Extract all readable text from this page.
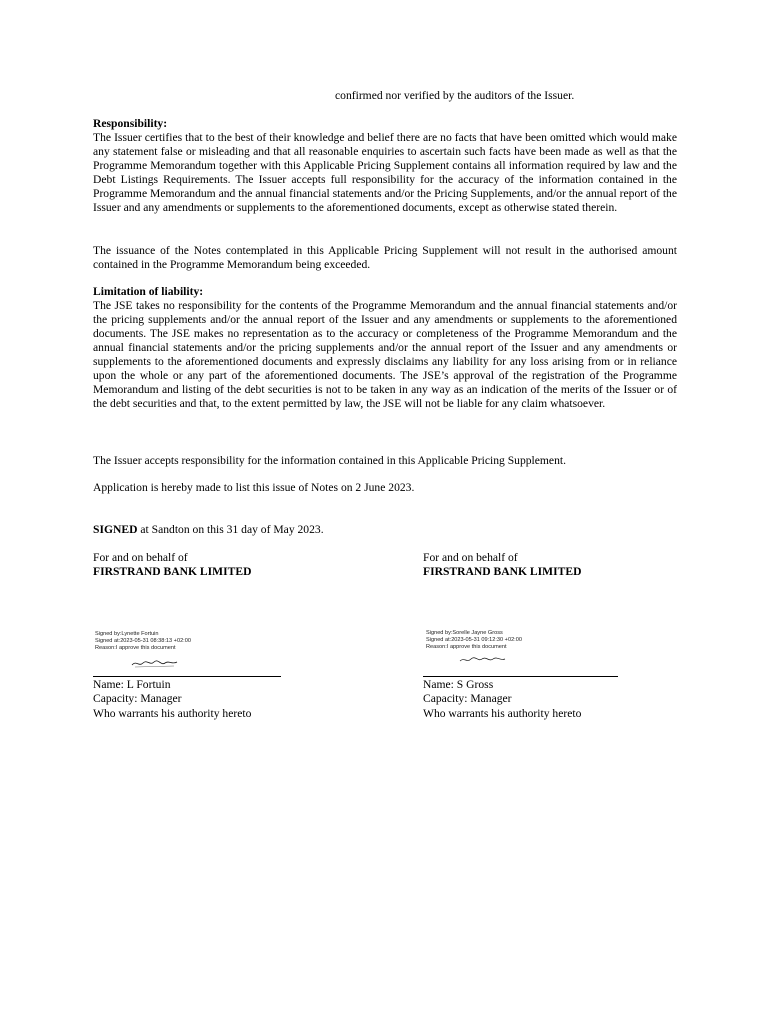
confirmed nor verified by the auditors of the Issuer.

Responsibility:

The Issuer certifies that to the best of their knowledge and belief there are no facts that have been omitted which would make any statement false or misleading and that all reasonable enquiries to ascertain such facts have been made as well as that the Programme Memorandum together with this Applicable Pricing Supplement contains all information required by law and the Debt Listings Requirements. The Issuer accepts full responsibility for the accuracy of the information contained in the Programme Memorandum and the annual financial statements and/or the Pricing Supplements, and/or the annual report of the Issuer and any amendments or supplements to the aforementioned documents, except as otherwise stated therein.

The issuance of the Notes contemplated in this Applicable Pricing Supplement will not result in the authorised amount contained in the Programme Memorandum being exceeded.

Limitation of liability:

The JSE takes no responsibility for the contents of the Programme Memorandum and the annual financial statements and/or the pricing supplements and/or the annual report of the Issuer and any amendments or supplements to the aforementioned documents. The JSE makes no representation as to the accuracy or completeness of the Programme Memorandum and the annual financial statements and/or the pricing supplements and/or the annual report of the Issuer and any amendments or supplements to the aforementioned documents and expressly disclaims any liability for any loss arising from or in reliance upon the whole or any part of the aforementioned documents. The JSE’s approval of the registration of the Programme Memorandum and listing of the debt securities is not to be taken in any way as an indication of the merits of the Issuer or of the debt securities and that, to the extent permitted by law, the JSE will not be liable for any claim whatsoever.

The Issuer accepts responsibility for the information contained in this Applicable Pricing Supplement.
Application is hereby made to list this issue of Notes on 2 June 2023.
SIGNED at Sandton on this 31 day of May 2023.
For and on behalf of
FIRSTRAND BANK LIMITED
Signed by:Lynette Fortuin
Signed at:2023-05-31 08:38:13 +02:00
Reason:I approve this document
Name: L Fortuin
Capacity: Manager
Who warrants his authority hereto
For and on behalf of
FIRSTRAND BANK LIMITED
Signed by:Sorelle Jayne Gross
Signed at:2023-05-31 09:12:30 +02:00
Reason:I approve this document
Name: S Gross
Capacity: Manager
Who warrants his authority hereto
